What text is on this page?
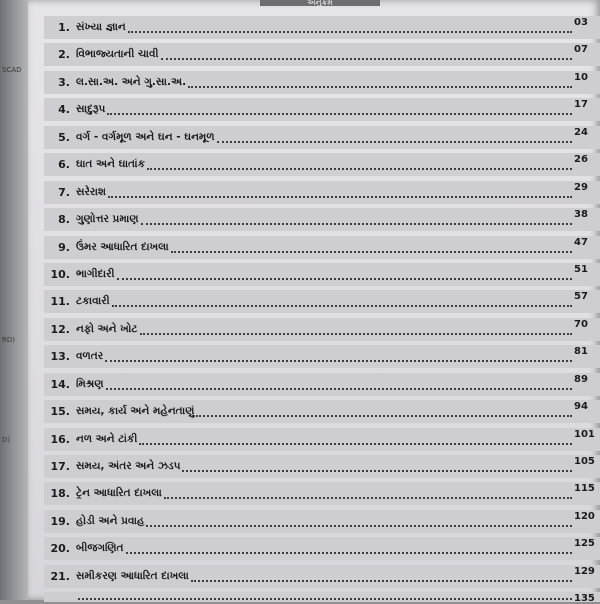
SCAD
RD)
D)
અનુક્રમ
1. સંખ્યા જ્ઞાન	03
2. વિભાજ્યતાની ચાવી	07
3. લ.સા.અ. અને ગુ.સા.અ.	10
4. સાદુરૂપ	17
5. વર્ગ - વર્ગમૂળ અને ઘન - ઘનમૂળ	24
6. ઘાત અને ઘાતાંક	26
7. સરેરાશ	29
8. ગુણોત્તર પ્રમાણ	38
9. ઉંમર આધારિત દાખલા	47
10. ભાગીદારી	51
11. ટકાવારી	57
12. નફો અને ખોટ	70
13. વળતર	81
14. મિશ્રણ	89
15. સમય, કાર્ય અને મહેનતાણું	94
16. નળ અને ટાંકી	101
17. સમય, અંતર અને ઝડપ	105
18. ટ્રેન આધારિત દાખલા	115
19. હોડી અને પ્રવાહ	120
20. બીજગણિત	125
21. સમીકરણ આધારિત દાખલા	129
135
